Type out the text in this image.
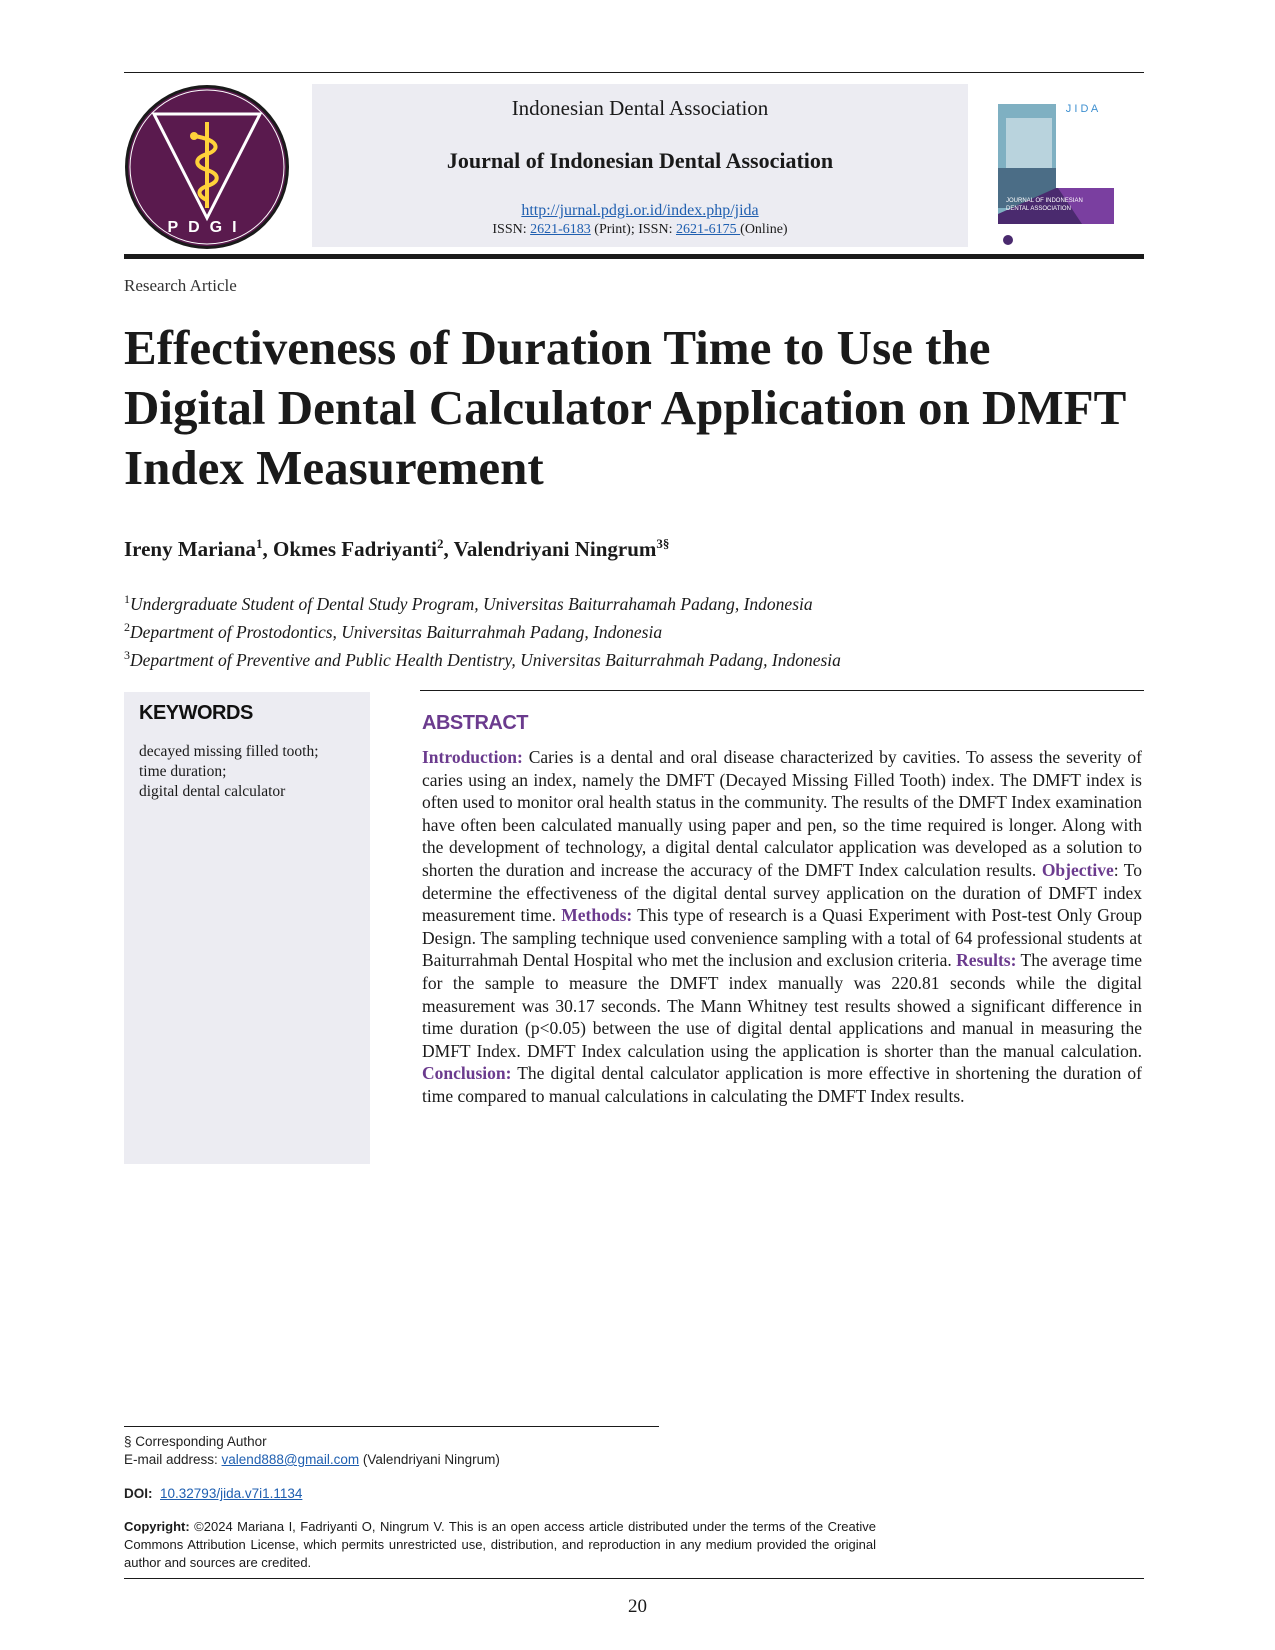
PDGI
Indonesian Dental Association
Journal of Indonesian Dental Association
http://jurnal.pdgi.or.id/index.php/jida
ISSN: 2621-6183 (Print); ISSN: 2621-6175 (Online)
J I D A
JOURNAL OF INDONESIAN
DENTAL ASSOCIATION
Research Article
Effectiveness of Duration Time to Use the Digital Dental Calculator Application on DMFT Index Measurement
Ireny Mariana$^1$, Okmes Fadriyanti$^2$, Valendriyani Ningrum$^{3\S}$
$^1$Undergraduate Student of Dental Study Program, Universitas Baiturrahamah Padang, Indonesia
$^2$Department of Prostodontics, Universitas Baiturrahmah Padang, Indonesia
$^3$Department of Preventive and Public Health Dentistry, Universitas Baiturrahmah Padang, Indonesia
KEYWORDS
decayed missing filled tooth;
time duration;
digital dental calculator
ABSTRACT

Introduction: Caries is a dental and oral disease characterized by cavities. To assess the severity of caries using an index, namely the DMFT (Decayed Missing Filled Tooth) index. The DMFT index is often used to monitor oral health status in the community. The results of the DMFT Index examination have often been calculated manually using paper and pen, so the time required is longer. Along with the development of technology, a digital dental calculator application was developed as a solution to shorten the duration and increase the accuracy of the DMFT Index calculation results. Objective: To determine the effectiveness of the digital dental survey application on the duration of DMFT index measurement time. Methods: This type of research is a Quasi Experiment with Post-test Only Group Design. The sampling technique used convenience sampling with a total of 64 professional students at Baiturrahmah Dental Hospital who met the inclusion and exclusion criteria. Results: The average time for the sample to measure the DMFT index manually was 220.81 seconds while the digital measurement was 30.17 seconds. The Mann Whitney test results showed a significant difference in time duration (p<0.05) between the use of digital dental applications and manual in measuring the DMFT Index. DMFT Index calculation using the application is shorter than the manual calculation. Conclusion: The digital dental calculator application is more effective in shortening the duration of time compared to manual calculations in calculating the DMFT Index results.

§ Corresponding Author
E-mail address: valend888@gmail.com (Valendriyani Ningrum)
DOI: 10.32793/jida.v7i1.1134

Copyright: ©2024 Mariana I, Fadriyanti O, Ningrum V. This is an open access article distributed under the terms of the Creative Commons Attribution License, which permits unrestricted use, distribution, and reproduction in any medium provided the original author and sources are credited.

20
